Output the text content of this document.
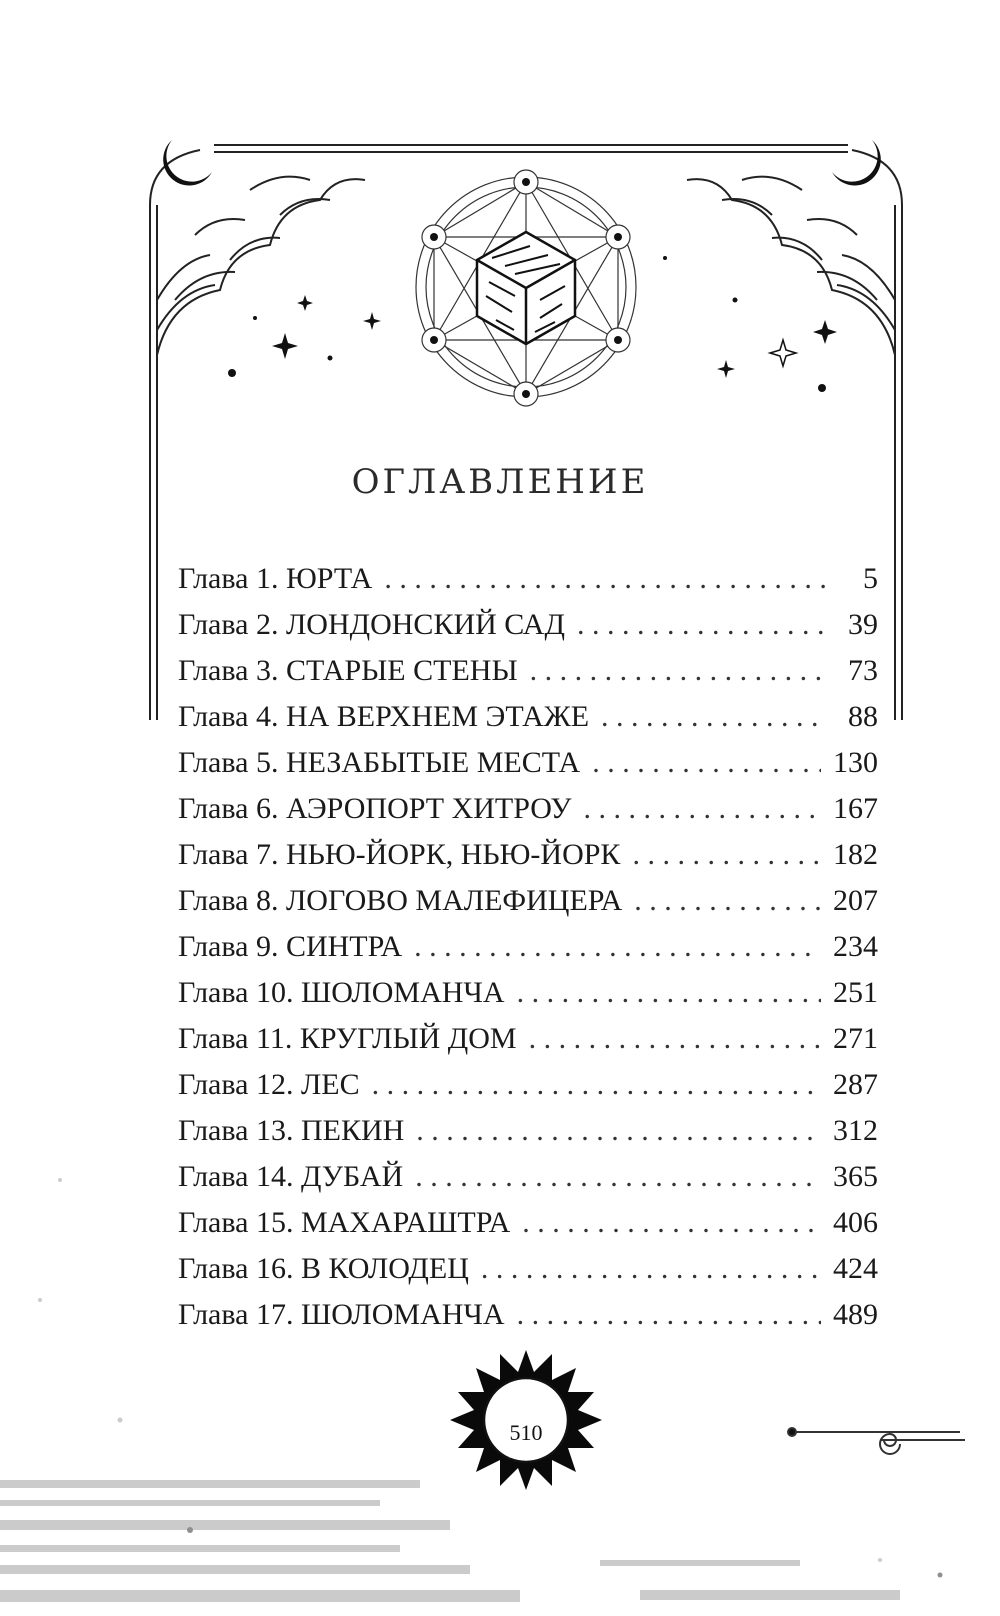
ОГЛАВЛЕНИЕ
Глава 1. ЮРТА . . .	5
Глава 2. ЛОНДОНСКИЙ САД . . .	39
Глава 3. СТАРЫЕ СТЕНЫ . . .	73
Глава 4. НА ВЕРХНЕМ ЭТАЖЕ . . .	88
Глава 5. НЕЗАБЫТЫЕ МЕСТА . . .	130
Глава 6. АЭРОПОРТ ХИТРОУ . . .	167
Глава 7. НЬЮ-ЙОРК, НЬЮ-ЙОРК . . .	182
Глава 8. ЛОГОВО МАЛЕФИЦЕРА . . .	207
Глава 9. СИНТРА . . .	234
Глава 10. ШОЛОМАНЧА . . .	251
Глава 11. КРУГЛЫЙ ДОМ . . .	271
Глава 12. ЛЕС . . .	287
Глава 13. ПЕКИН . . .	312
Глава 14. ДУБАЙ . . .	365
Глава 15. МАХАРАШТРА . . .	406
Глава 16. В КОЛОДЕЦ . . .	424
Глава 17. ШОЛОМАНЧА . . .	489
510
